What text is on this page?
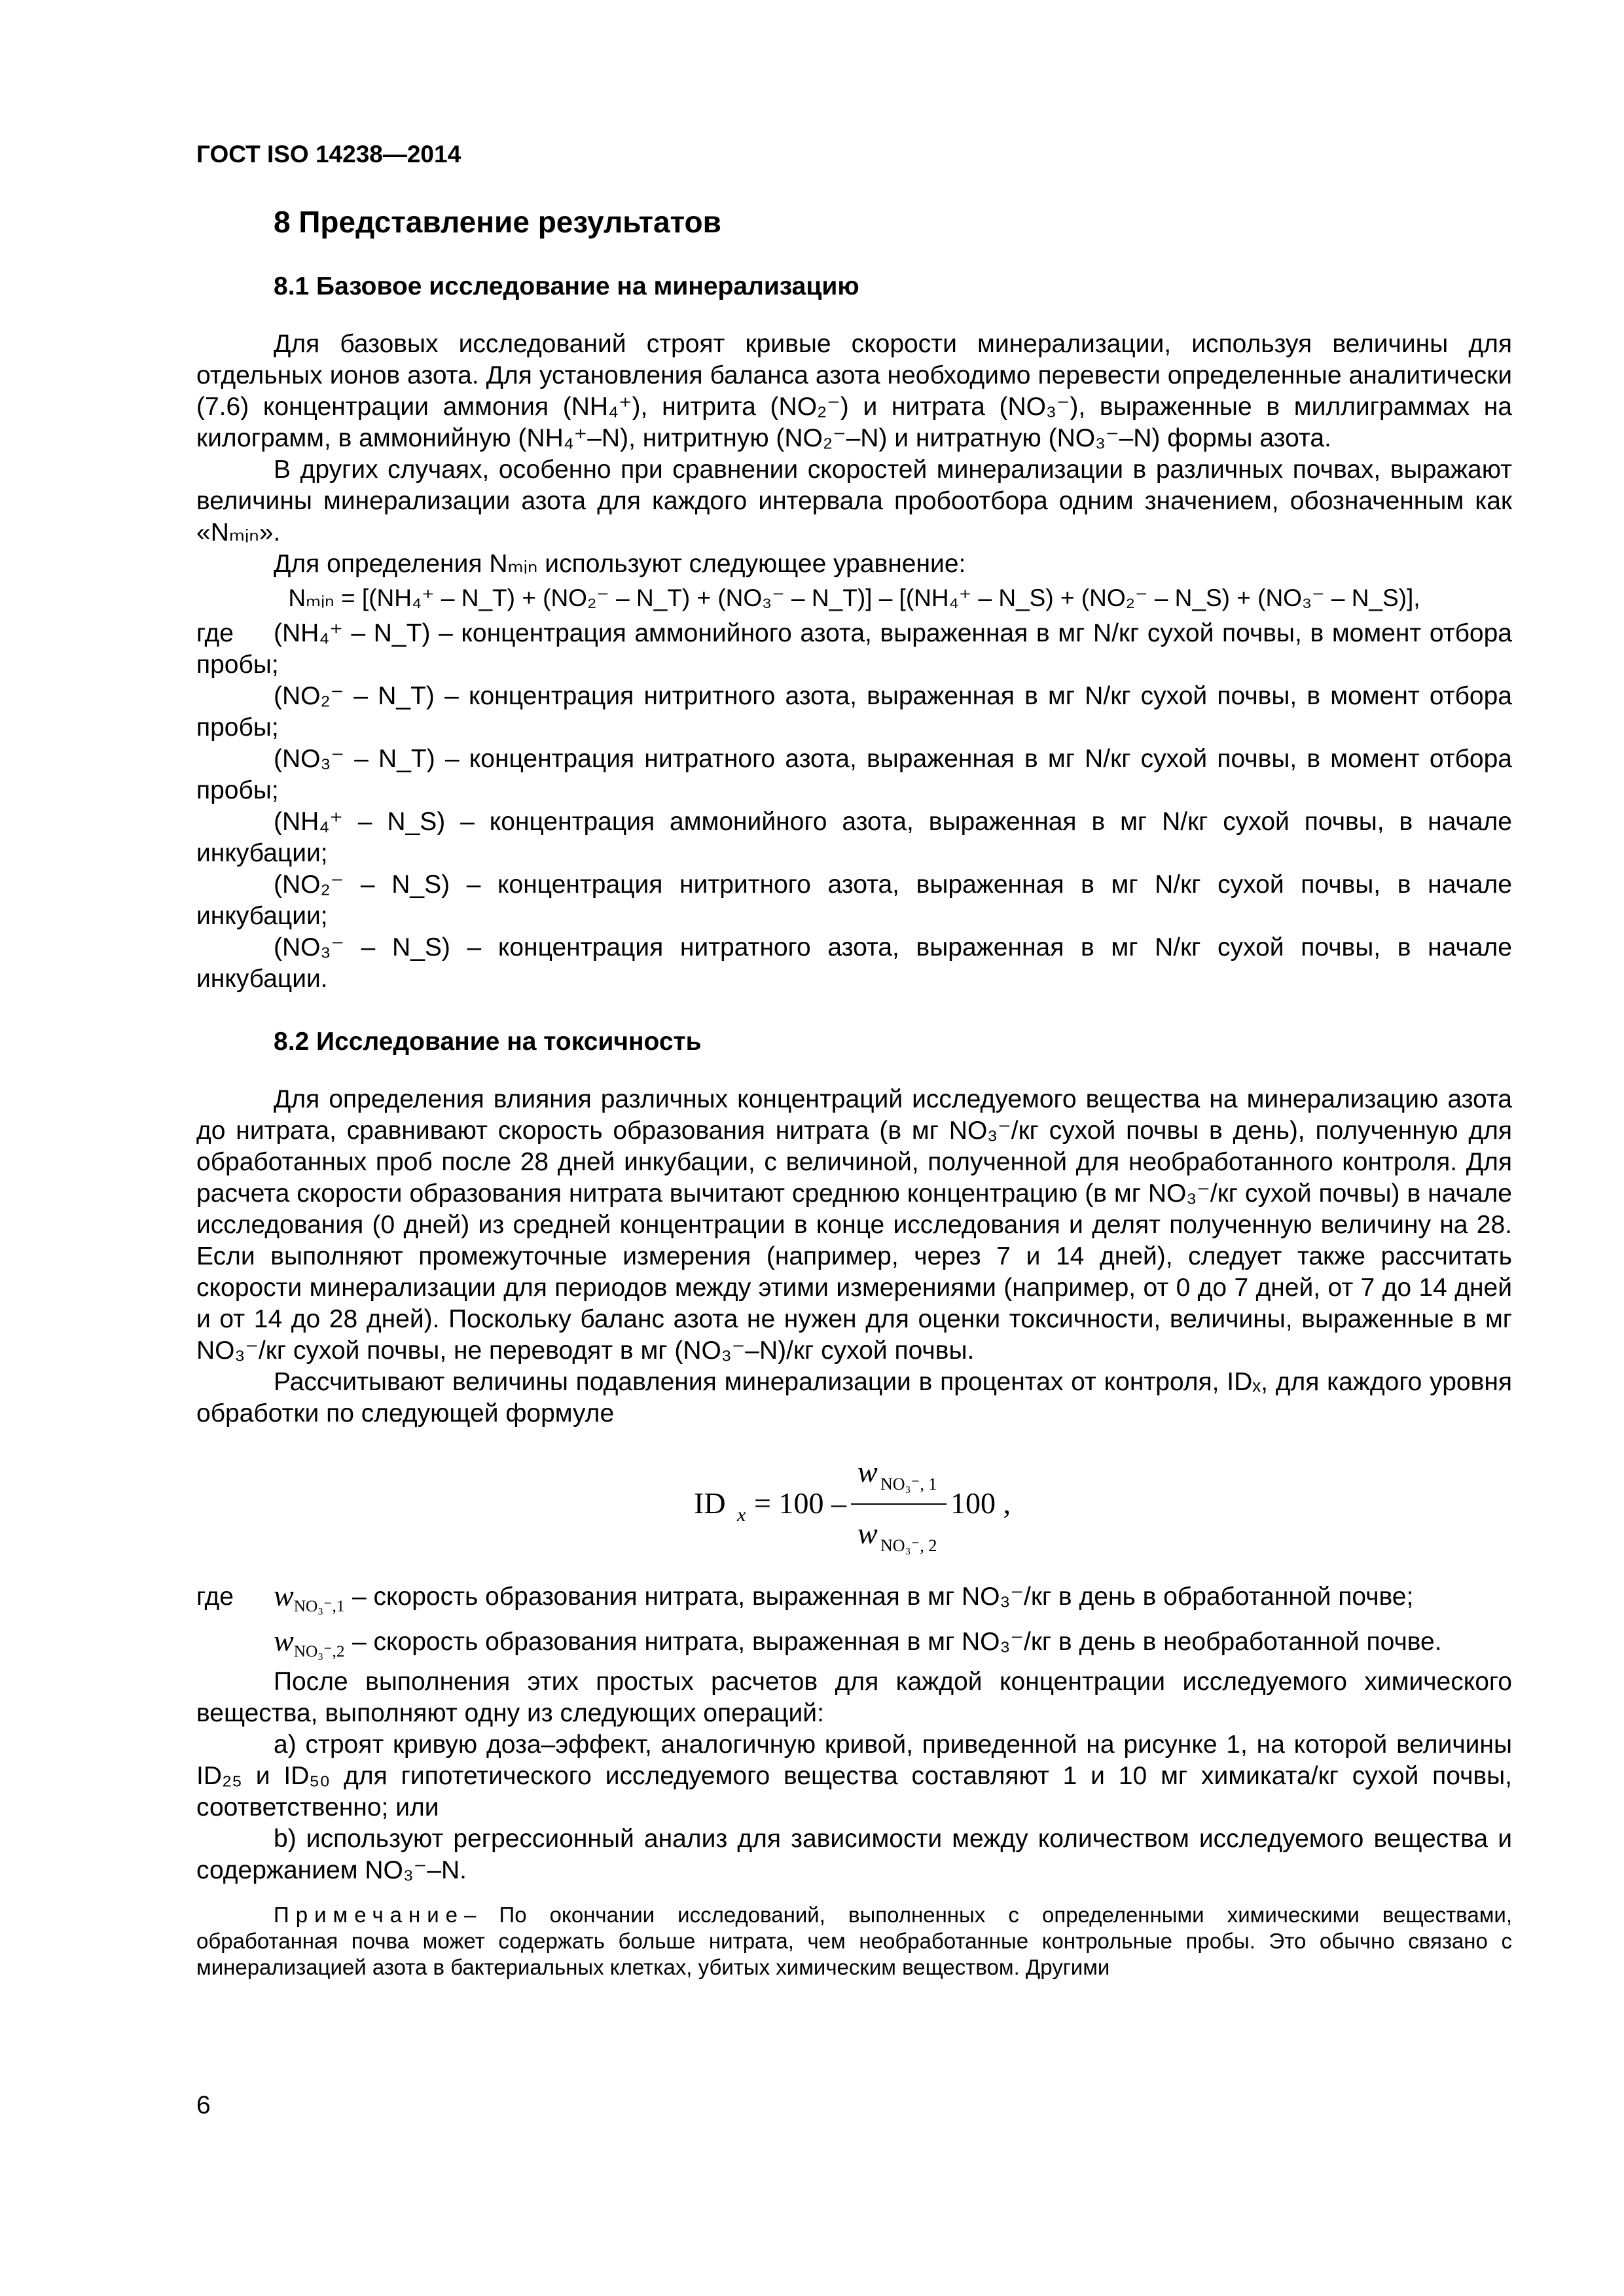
ГОСТ ISO 14238—2014
8 Представление результатов
8.1 Базовое исследование на минерализацию

Для базовых исследований строят кривые скорости минерализации, используя величины для отдельных ионов азота. Для установления баланса азота необходимо перевести определенные аналитически (7.6) концентрации аммония (NH₄⁺), нитрита (NO₂⁻) и нитрата (NO₃⁻), выраженные в миллиграммах на килограмм, в аммонийную (NH₄⁺–N), нитритную (NO₂⁻–N) и нитратную (NO₃⁻–N) формы азота.

В других случаях, особенно при сравнении скоростей минерализации в различных почвах, выражают величины минерализации азота для каждого интервала пробоотбора одним значением, обозначенным как «Nₘᵢₙ».

Для определения Nₘᵢₙ используют следующее уравнение:

Nₘᵢₙ = [(NH₄⁺ – N_T) + (NO₂⁻ – N_T) + (NO₃⁻ – N_T)] – [(NH₄⁺ – N_S) + (NO₂⁻ – N_S) + (NO₃⁻ – N_S)],
где (NH₄⁺ – N_T) – концентрация аммонийного азота, выраженная в мг N/кг сухой почвы, в момент отбора пробы;

(NO₂⁻ – N_T) – концентрация нитритного азота, выраженная в мг N/кг сухой почвы, в момент отбора пробы;

(NO₃⁻ – N_T) – концентрация нитратного азота, выраженная в мг N/кг сухой почвы, в момент отбора пробы;

(NH₄⁺ – N_S) – концентрация аммонийного азота, выраженная в мг N/кг сухой почвы, в начале инкубации;

(NO₂⁻ – N_S) – концентрация нитритного азота, выраженная в мг N/кг сухой почвы, в начале инкубации;

(NO₃⁻ – N_S) – концентрация нитратного азота, выраженная в мг N/кг сухой почвы, в начале инкубации.

8.2 Исследование на токсичность

Для определения влияния различных концентраций исследуемого вещества на минерализацию азота до нитрата, сравнивают скорость образования нитрата (в мг NO₃⁻/кг сухой почвы в день), полученную для обработанных проб после 28 дней инкубации, с величиной, полученной для необработанного контроля. Для расчета скорости образования нитрата вычитают среднюю концентрацию (в мг NO₃⁻/кг сухой почвы) в начале исследования (0 дней) из средней концентрации в конце исследования и делят полученную величину на 28. Если выполняют промежуточные измерения (например, через 7 и 14 дней), следует также рассчитать скорости минерализации для периодов между этими измерениями (например, от 0 до 7 дней, от 7 до 14 дней и от 14 до 28 дней). Поскольку баланс азота не нужен для оценки токсичности, величины, выраженные в мг NO₃⁻/кг сухой почвы, не переводят в мг (NO₃⁻–N)/кг сухой почвы.

Рассчитывают величины подавления минерализации в процентах от контроля, IDₓ, для каждого уровня обработки по следующей формуле

ID x = 100 –
w NO₃⁻, 1
w NO₃⁻, 2
100 ,
где	$w_{NO_3^-,1}$ – скорость образования нитрата, выраженная в мг NO₃⁻/кг в день в обработанной почве;
$w_{NO_3^-,2}$ – скорость образования нитрата, выраженная в мг NO₃⁻/кг в день в необработанной почве.

После выполнения этих простых расчетов для каждой концентрации исследуемого химического вещества, выполняют одну из следующих операций:

а) строят кривую доза–эффект, аналогичную кривой, приведенной на рисунке 1, на которой величины ID₂₅ и ID₅₀ для гипотетического исследуемого вещества составляют 1 и 10 мг химиката/кг сухой почвы, соответственно; или

b) используют регрессионный анализ для зависимости между количеством исследуемого вещества и содержанием NO₃⁻–N.

Примечание– По окончании исследований, выполненных с определенными химическими веществами, обработанная почва может содержать больше нитрата, чем необработанные контрольные пробы. Это обычно связано с минерализацией азота в бактериальных клетках, убитых химическим веществом. Другими
6
